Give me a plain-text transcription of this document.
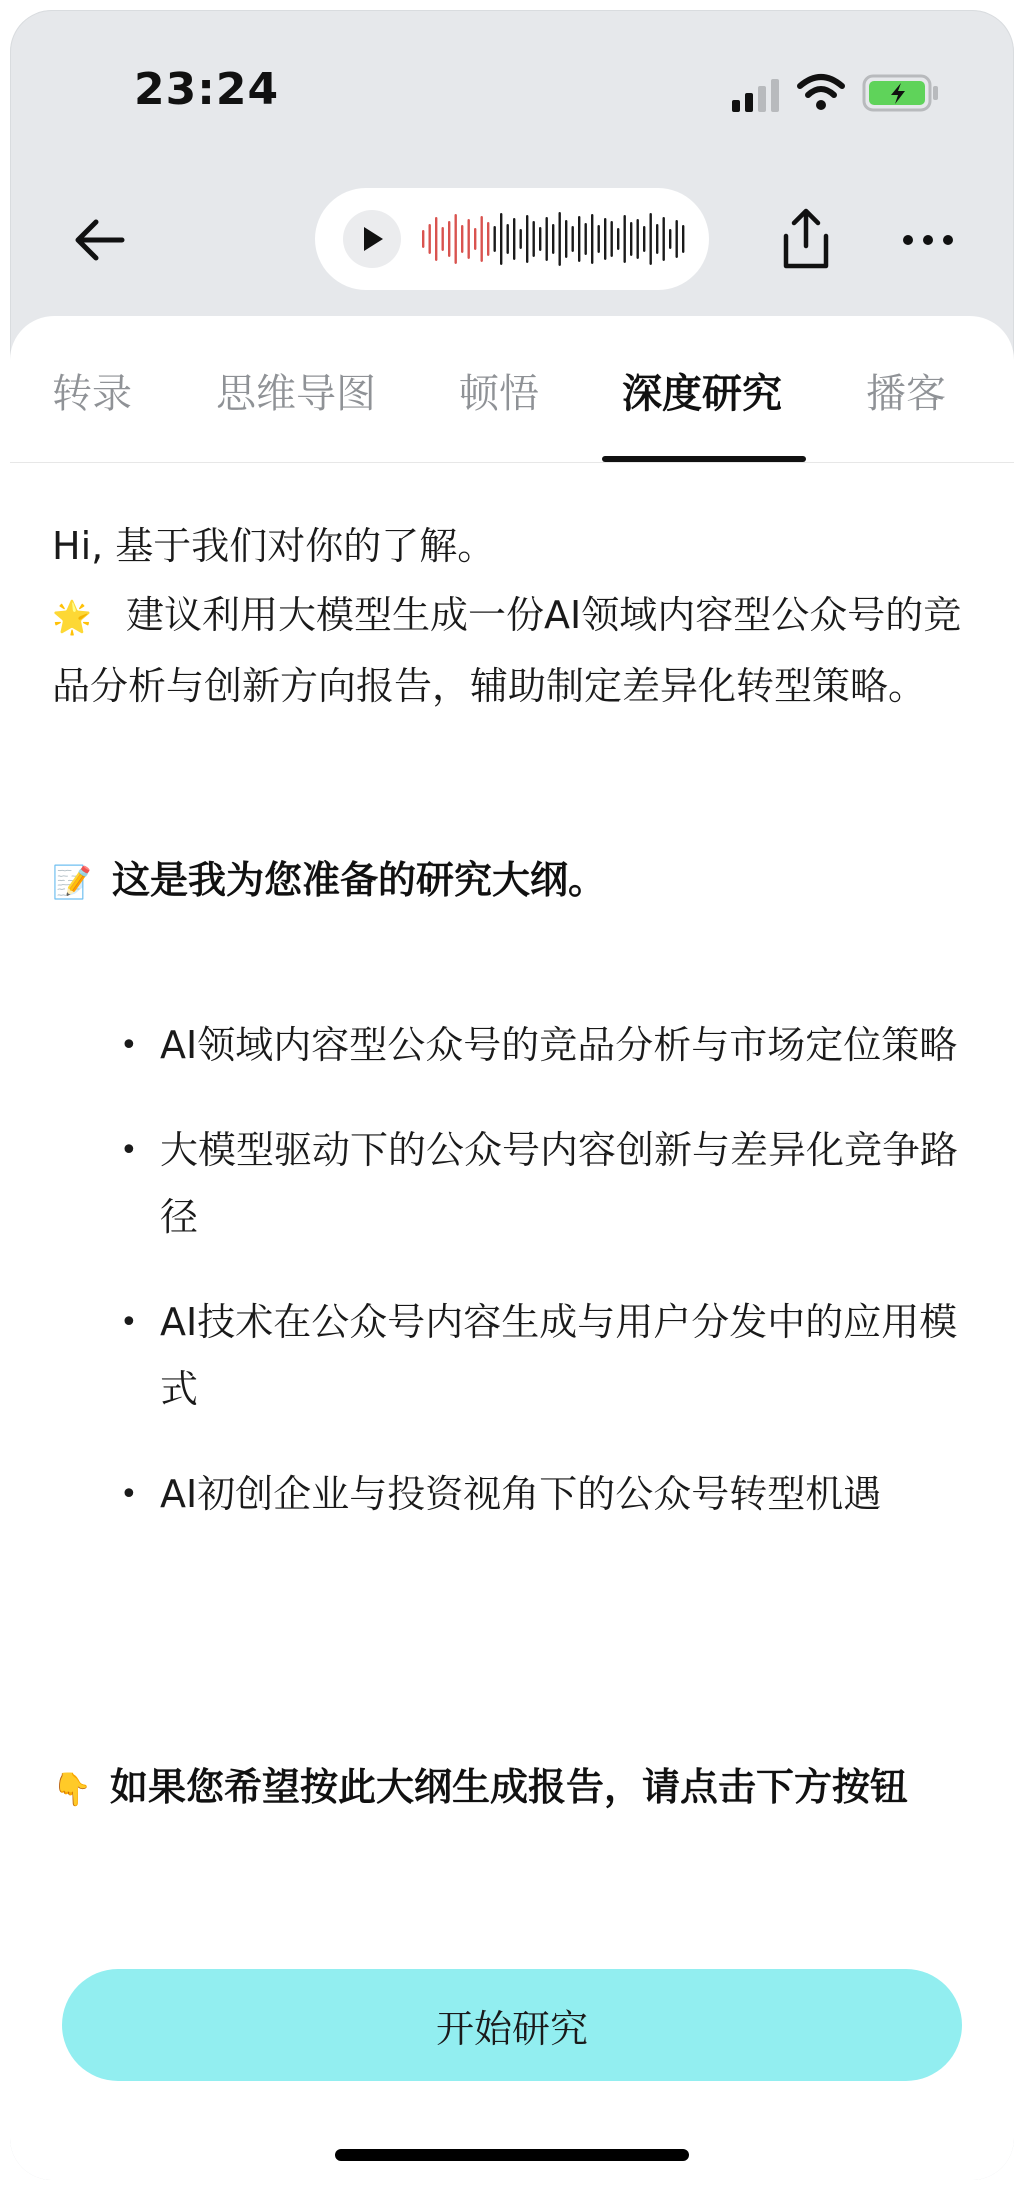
23:24
转录 思维导图 顿悟 深度研究 播客
Hi, 基于我们对你的了解。
🌟 建议利用大模型生成一份AI领域内容型公众号的竞品分析与创新方向报告，辅助制定差异化转型策略。
📝 这是我为您准备的研究大纲。
• AI领域内容型公众号的竞品分析与市场定位策略
• 大模型驱动下的公众号内容创新与差异化竞争路径
• AI技术在公众号内容生成与用户分发中的应用模式
• AI初创企业与投资视角下的公众号转型机遇
👇 如果您希望按此大纲生成报告，请点击下方按钮
开始研究
